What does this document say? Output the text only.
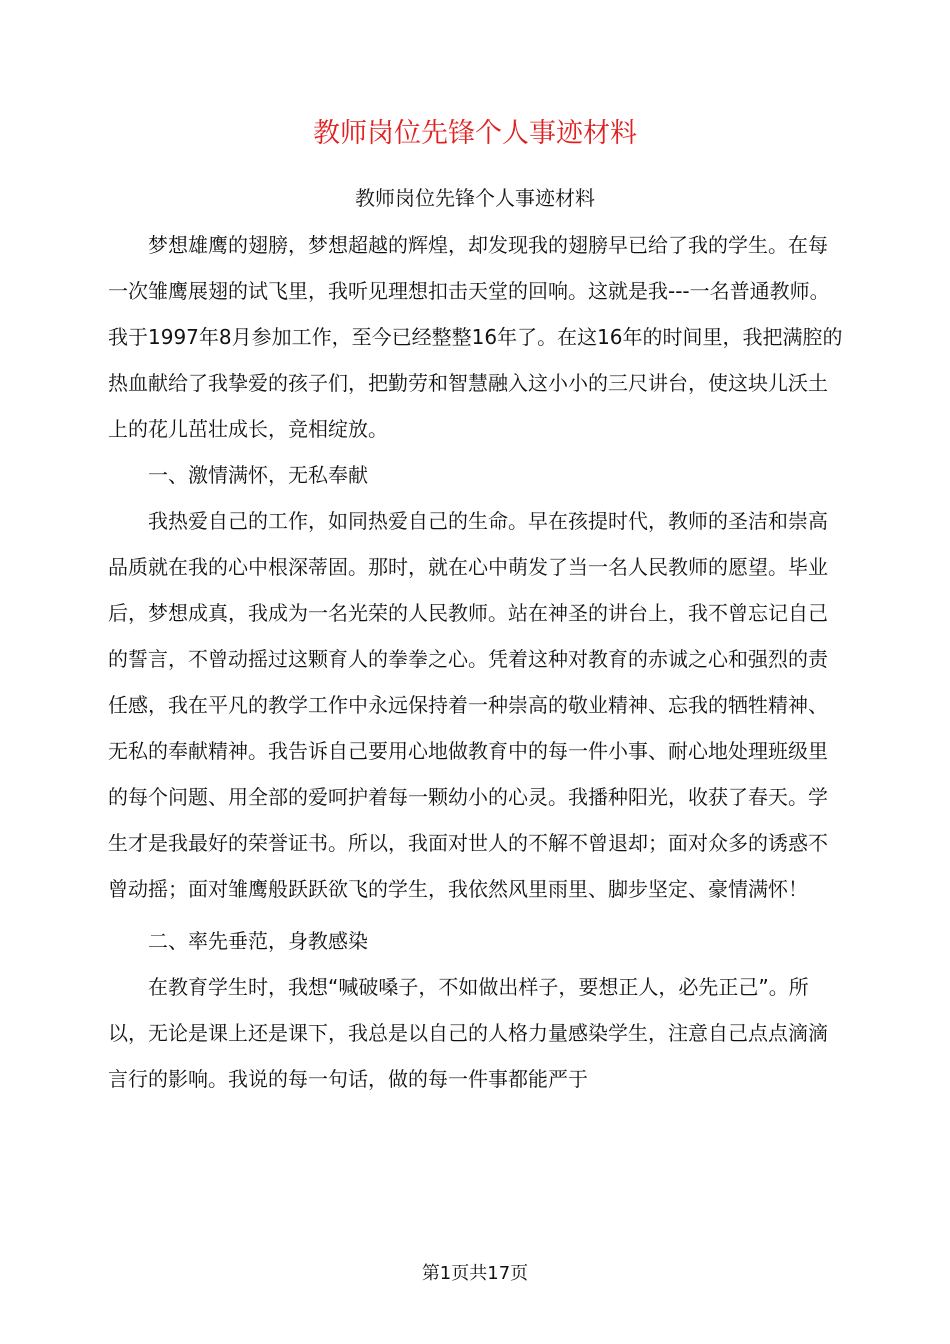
教师岗位先锋个人事迹材料
教师岗位先锋个人事迹材料

梦想雄鹰的翅膀，梦想超越的辉煌，却发现我的翅膀早已给了我的学生。在每一次雏鹰展翅的试飞里，我听见理想扣击天堂的回响。这就是我---一名普通教师。我于1997年8月参加工作，至今已经整整16年了。在这16年的时间里，我把满腔的热血献给了我挚爱的孩子们，把勤劳和智慧融入这小小的三尺讲台，使这块儿沃土上的花儿茁壮成长，竞相绽放。

一、激情满怀，无私奉献

我热爱自己的工作，如同热爱自己的生命。早在孩提时代，教师的圣洁和崇高品质就在我的心中根深蒂固。那时，就在心中萌发了当一名人民教师的愿望。毕业后，梦想成真，我成为一名光荣的人民教师。站在神圣的讲台上，我不曾忘记自己的誓言，不曾动摇过这颗育人的拳拳之心。凭着这种对教育的赤诚之心和强烈的责任感，我在平凡的教学工作中永远保持着一种崇高的敬业精神、忘我的牺牲精神、无私的奉献精神。我告诉自己要用心地做教育中的每一件小事、耐心地处理班级里的每个问题、用全部的爱呵护着每一颗幼小的心灵。我播种阳光，收获了春天。学生才是我最好的荣誉证书。所以，我面对世人的不解不曾退却；面对众多的诱惑不曾动摇；面对雏鹰般跃跃欲飞的学生，我依然风里雨里、脚步坚定、豪情满怀！

二、率先垂范，身教感染

在教育学生时，我想“喊破嗓子，不如做出样子，要想正人，必先正己”。所以，无论是课上还是课下，我总是以自己的人格力量感染学生，注意自己点点滴滴言行的影响。我说的每一句话，做的每一件事都能严于

第1页共17页
